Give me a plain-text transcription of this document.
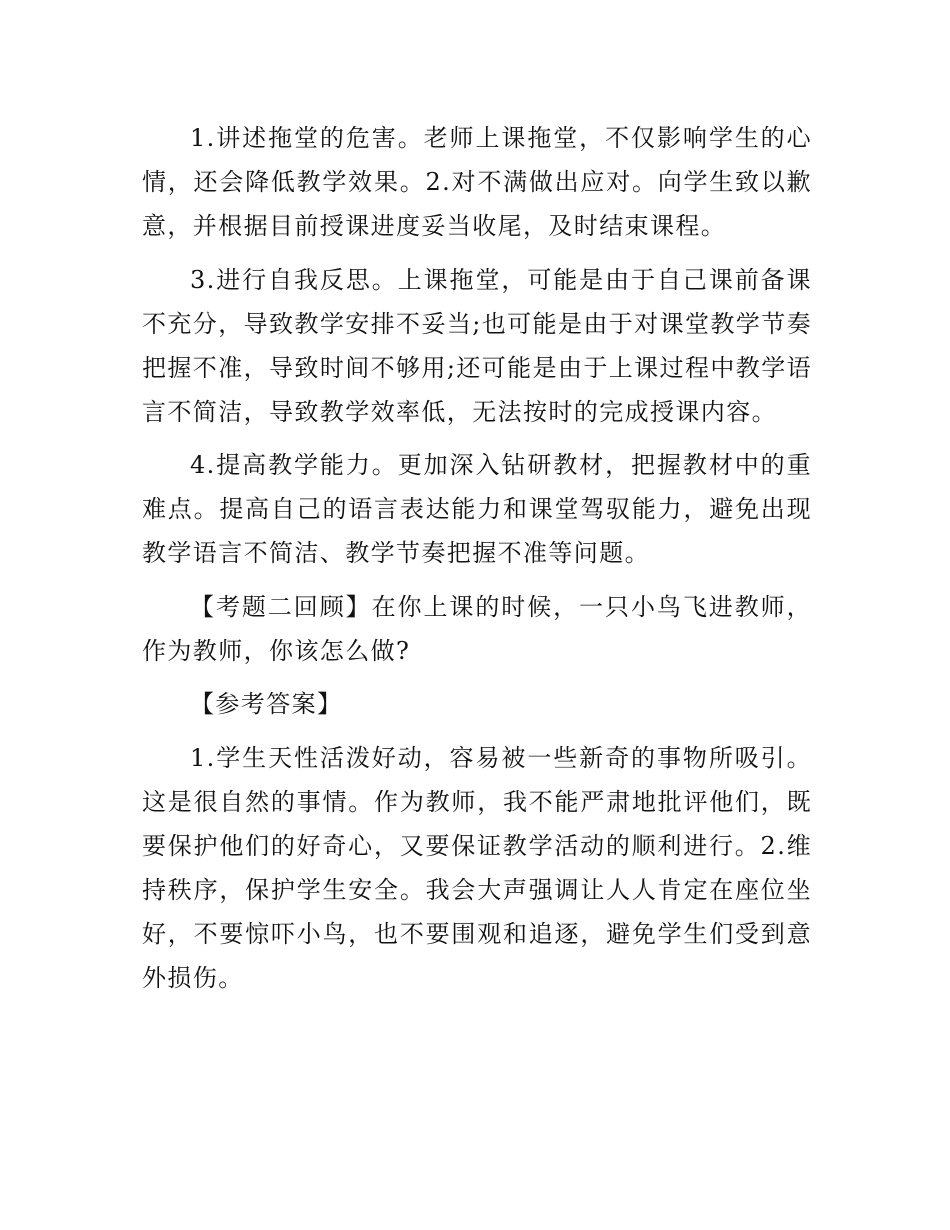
1.讲述拖堂的危害。老师上课拖堂，不仅影响学生的心情，还会降低教学效果。2.对不满做出应对。向学生致以歉意，并根据目前授课进度妥当收尾，及时结束课程。

3.进行自我反思。上课拖堂，可能是由于自己课前备课不充分，导致教学安排不妥当;也可能是由于对课堂教学节奏把握不准，导致时间不够用;还可能是由于上课过程中教学语言不简洁，导致教学效率低，无法按时的完成授课内容。

4.提高教学能力。更加深入钻研教材，把握教材中的重难点。提高自己的语言表达能力和课堂驾驭能力，避免出现教学语言不简洁、教学节奏把握不准等问题。

【考题二回顾】在你上课的时候，一只小鸟飞进教师，作为教师，你该怎么做?

【参考答案】

1.学生天性活泼好动，容易被一些新奇的事物所吸引。这是很自然的事情。作为教师，我不能严肃地批评他们，既要保护他们的好奇心，又要保证教学活动的顺利进行。2.维持秩序，保护学生安全。我会大声强调让人人肯定在座位坐好，不要惊吓小鸟，也不要围观和追逐，避免学生们受到意外损伤。
